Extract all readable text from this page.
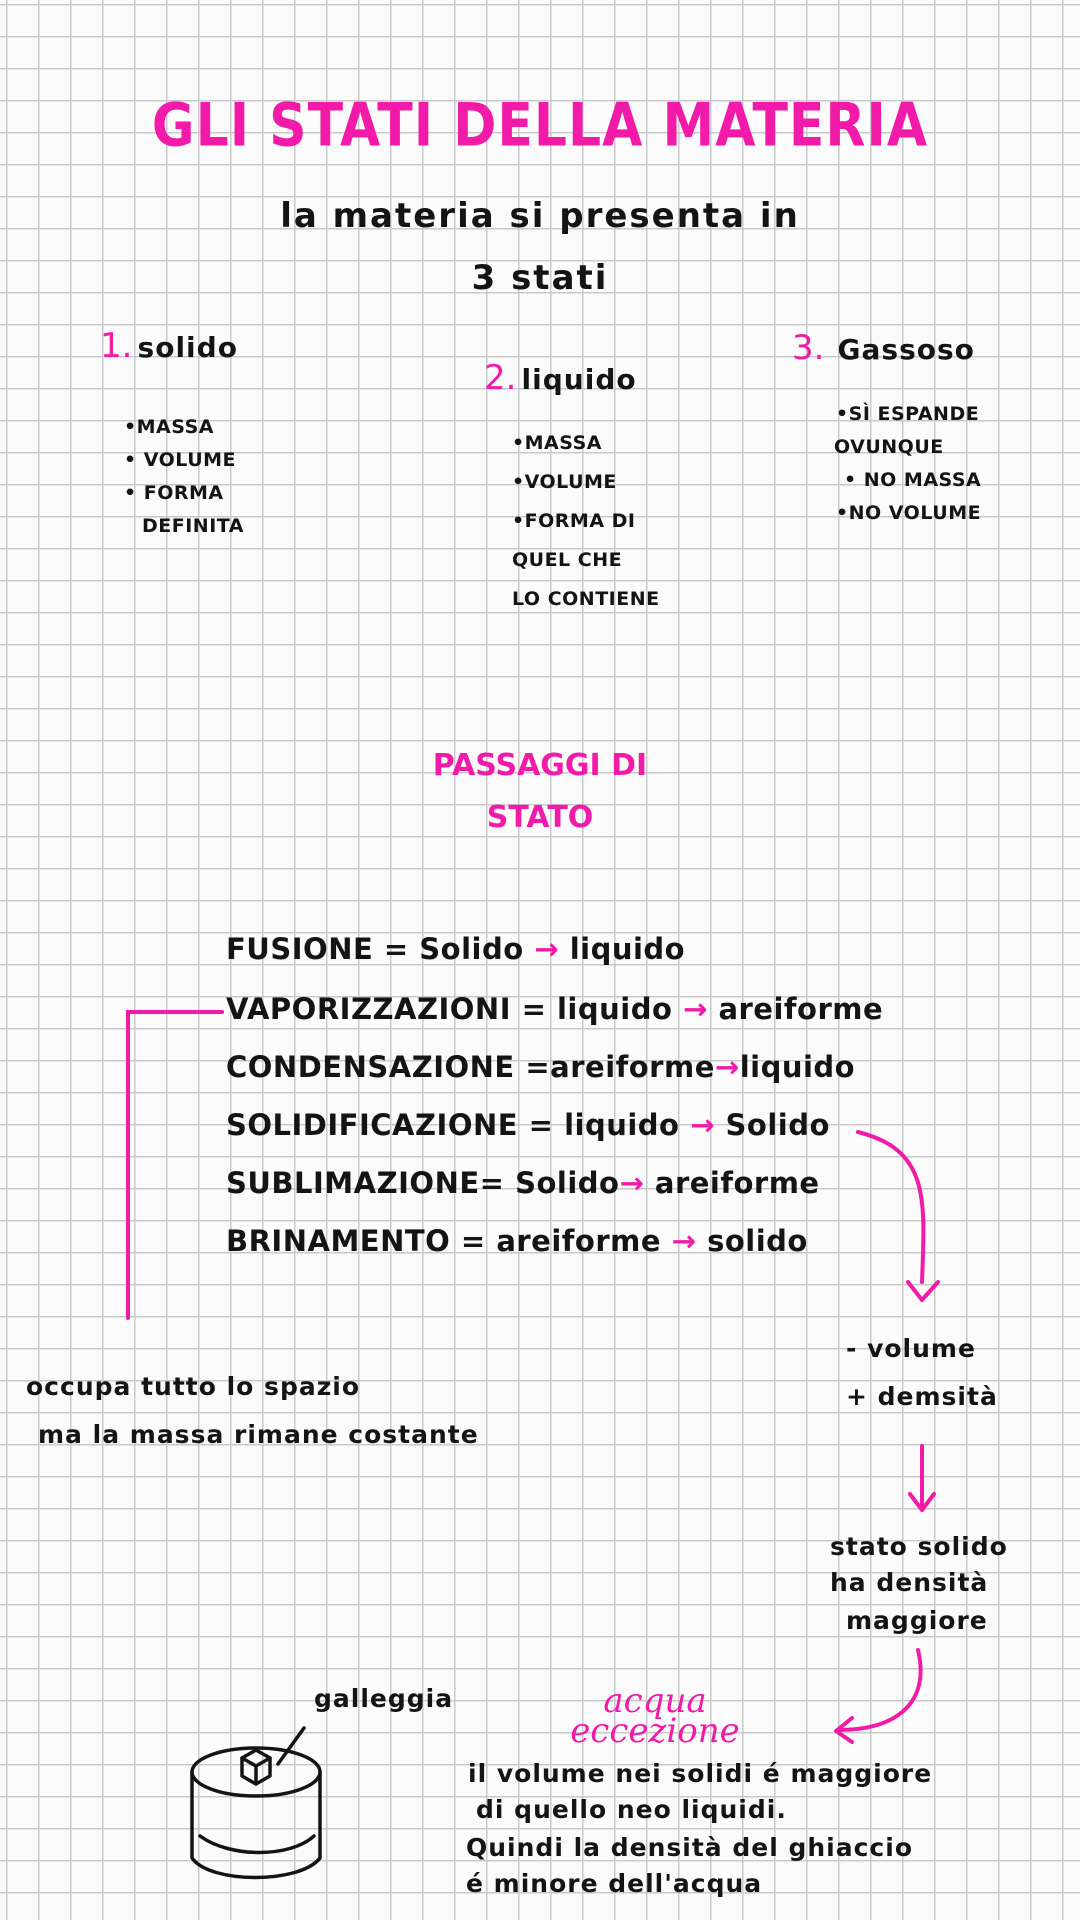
GLI STATI DELLA MATERIA
la materia si presenta in
3 stati
1. solido
•MASSA
• VOLUME
• FORMA
DEFINITA
2. liquido
•MASSA
•VOLUME
•FORMA DI
QUEL CHE
LO CONTIENE
3. Gassoso
•SÌ ESPANDE
OVUNQUE
• NO MASSA
•NO VOLUME
PASSAGGI DI
STATO
FUSIONE = Solido → liquido
VAPORIZZAZIONI = liquido → areiforme
CONDENSAZIONE =areiforme→liquido
SOLIDIFICAZIONE = liquido → Solido
SUBLIMAZIONE= Solido→ areiforme
BRINAMENTO = areiforme → solido
occupa tutto lo spazio
ma la massa rimane costante
- volume
+ demsità
stato solido
ha densità
maggiore
galleggia	acqua
eccezione
il volume nei solidi é maggiore
di quello neo liquidi.
Quindi la densità del ghiaccio
é minore dell'acqua
